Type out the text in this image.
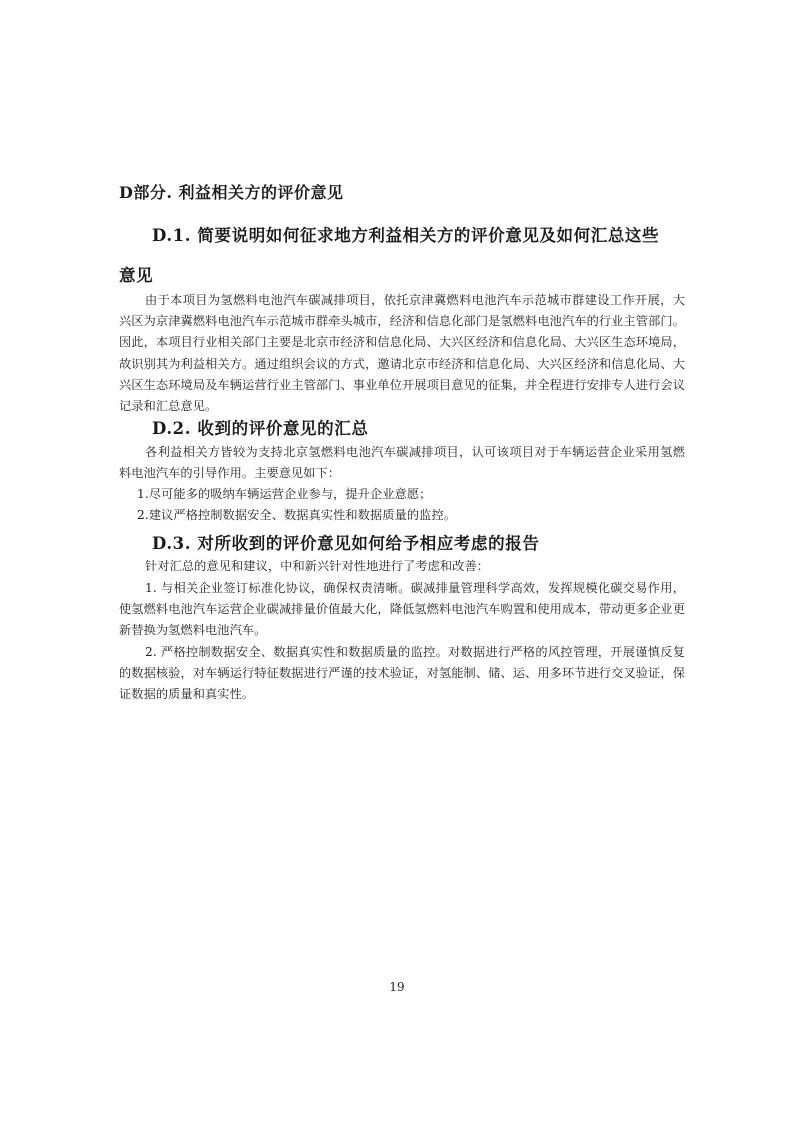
D部分. 利益相关方的评价意见
D.1. 简要说明如何征求地方利益相关方的评价意见及如何汇总这些
意见
由于本项目为氢燃料电池汽车碳减排项目，依托京津冀燃料电池汽车示范城市群建设工作开展，大兴区为京津冀燃料电池汽车示范城市群牵头城市，经济和信息化部门是氢燃料电池汽车的行业主管部门。因此，本项目行业相关部门主要是北京市经济和信息化局、大兴区经济和信息化局、大兴区生态环境局，故识别其为利益相关方。通过组织会议的方式，邀请北京市经济和信息化局、大兴区经济和信息化局、大兴区生态环境局及车辆运营行业主管部门、事业单位开展项目意见的征集，并全程进行安排专人进行会议记录和汇总意见。
D.2. 收到的评价意见的汇总
各利益相关方皆较为支持北京氢燃料电池汽车碳减排项目，认可该项目对于车辆运营企业采用氢燃料电池汽车的引导作用。主要意见如下：
1.尽可能多的吸纳车辆运营企业参与，提升企业意愿；
2.建议严格控制数据安全、数据真实性和数据质量的监控。
D.3. 对所收到的评价意见如何给予相应考虑的报告
针对汇总的意见和建议，中和新兴针对性地进行了考虑和改善：
1. 与相关企业签订标准化协议，确保权责清晰。碳减排量管理科学高效，发挥规模化碳交易作用，使氢燃料电池汽车运营企业碳减排量价值最大化，降低氢燃料电池汽车购置和使用成本，带动更多企业更新替换为氢燃料电池汽车。
2. 严格控制数据安全、数据真实性和数据质量的监控。对数据进行严格的风控管理，开展谨慎反复的数据核验，对车辆运行特征数据进行严谨的技术验证，对氢能制、储、运、用多环节进行交叉验证，保证数据的质量和真实性。
19
